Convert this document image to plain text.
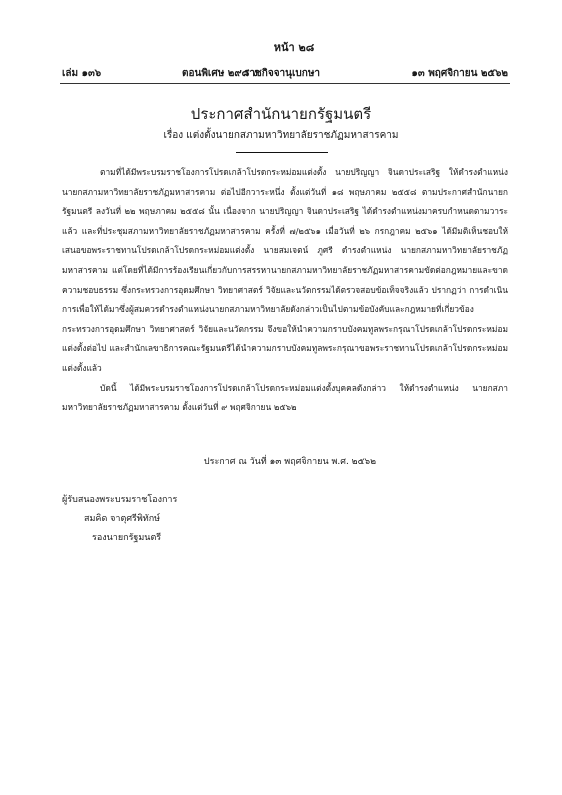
หน้า ๒๘
เล่ม ๑๓๖	ตอนพิเศษ ๒๙๘ ง
ราชกิจจานุเบกษา	๑๓ พฤศจิกายน ๒๕๖๒
ประกาศสำนักนายกรัฐมนตรี
เรื่อง แต่งตั้งนายกสภามหาวิทยาลัยราชภัฏมหาสารคาม

ตามที่ได้มีพระบรมราชโองการโปรดเกล้าโปรดกระหม่อมแต่งตั้ง นายปริญญา จินดาประเสริฐ ให้ดำรงตำแหน่ง นายกสภามหาวิทยาลัยราชภัฏมหาสารคาม ต่อไปอีกวาระหนึ่ง ตั้งแต่วันที่ ๑๘ พฤษภาคม ๒๕๕๘ ตามประกาศสำนักนายกรัฐมนตรี ลงวันที่ ๒๒ พฤษภาคม ๒๕๕๘ นั้น เนื่องจาก นายปริญญา จินดาประเสริฐ ได้ดำรงตำแหน่งมาครบกำหนดตามวาระแล้ว และที่ประชุมสภามหาวิทยาลัยราชภัฏมหาสารคาม ครั้งที่ ๗/๒๕๖๑ เมื่อวันที่ ๒๖ กรกฎาคม ๒๕๖๑ ได้มีมติเห็นชอบให้เสนอขอพระราชทานโปรดเกล้าโปรดกระหม่อมแต่งตั้ง นายสมเจตน์ ภูศรี ดำรงตำแหน่ง นายกสภามหาวิทยาลัยราชภัฏมหาสารคาม แต่โดยที่ได้มีการร้องเรียนเกี่ยวกับการสรรหานายกสภามหาวิทยาลัยราชภัฏมหาสารคามขัดต่อกฎหมายและขาดความชอบธรรม ซึ่งกระทรวงการอุดมศึกษา วิทยาศาสตร์ วิจัยและนวัตกรรมได้ตรวจสอบข้อเท็จจริงแล้ว ปรากฏว่า การดำเนินการเพื่อให้ได้มาซึ่งผู้สมควรดำรงตำแหน่งนายกสภามหาวิทยาลัยดังกล่าวเป็นไปตามข้อบังคับและกฎหมายที่เกี่ยวข้อง กระทรวงการอุดมศึกษา วิทยาศาสตร์ วิจัยและนวัตกรรม จึงขอให้นำความกราบบังคมทูลพระกรุณาโปรดเกล้าโปรดกระหม่อมแต่งตั้งต่อไป และสำนักเลขาธิการคณะรัฐมนตรีได้นำความกราบบังคมทูลพระกรุณาขอพระราชทานโปรดเกล้าโปรดกระหม่อมแต่งตั้งแล้ว

บัดนี้ ได้มีพระบรมราชโองการโปรดเกล้าโปรดกระหม่อมแต่งตั้งบุคคลดังกล่าว ให้ดำรงตำแหน่ง นายกสภามหาวิทยาลัยราชภัฏมหาสารคาม ตั้งแต่วันที่ ๙ พฤศจิกายน ๒๕๖๒

ประกาศ ณ วันที่ ๑๓ พฤศจิกายน พ.ศ. ๒๕๖๒
ผู้รับสนองพระบรมราชโองการ
สมคิด จาตุศรีพิทักษ์
รองนายกรัฐมนตรี
